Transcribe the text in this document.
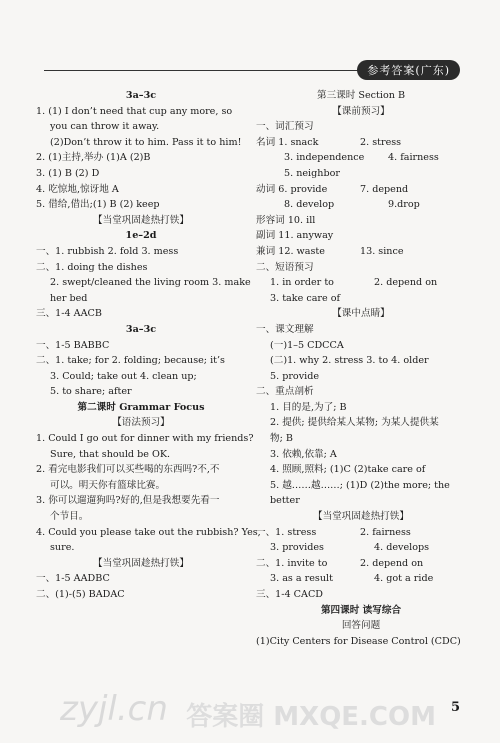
参考答案(广东)
3a–3c
1. (1) I don’t need that cup any more, so
you can throw it away.
(2)Don’t throw it to him. Pass it to him!
2. (1)主持,举办 (1)A (2)B
3. (1) B (2) D
4. 吃惊地,惊讶地 A
5. 借给,借出;(1) B (2) keep
【当堂巩固趁热打铁】
1e–2d
一、1. rubbish 2. fold 3. mess
二、1. doing the dishes
2. swept/cleaned the living room 3. make
her bed
三、1-4 AACB
3a–3c
一、1-5 BABBC
二、1. take; for 2. folding; because; it’s
3. Could; take out 4. clean up;
5. to share; after
第二课时 Grammar Focus
【语法预习】
1. Could I go out for dinner with my friends?
Sure, that should be OK.
2. 看完电影我们可以买些喝的东西吗?不,不
可以。明天你有篮球比赛。
3. 你可以遛遛狗吗?好的,但是我想要先看一
个节目。
4. Could you please take out the rubbish? Yes,
sure.
【当堂巩固趁热打铁】
一、1-5 AADBC
二、(1)-(5) BADAC
第三课时 Section B
【课前预习】
一、词汇预习
名词 1. snack	2. stress
3. independence	4. fairness
5. neighbor
动词 6. provide	7. depend
8. develop	9.drop
形容词 10. ill
副词 11. anyway
兼词 12. waste	13. since
二、短语预习
1. in order to	2. depend on
3. take care of
【课中点睛】
一、课文理解
(一)1–5 CDCCA
(二)1. why 2. stress 3. to 4. older
5. provide
二、重点剖析
1. 目的是,为了; B
2. 提供; 提供给某人某物; 为某人提供某
物; B
3. 依赖,依靠; A
4. 照顾,照料; (1)C (2)take care of
5. 越……越……; (1)D (2)the more; the
better
【当堂巩固趁热打铁】
一、1. stress	2. fairness
3. provides	4. develops
二、1. invite to	2. depend on
3. as a result	4. got a ride
三、1-4 CACD
第四课时 读写综合
回答问题
(1)City Centers for Disease Control (CDC)
zyjl.cn 答案圈 MXQE.COM 5
